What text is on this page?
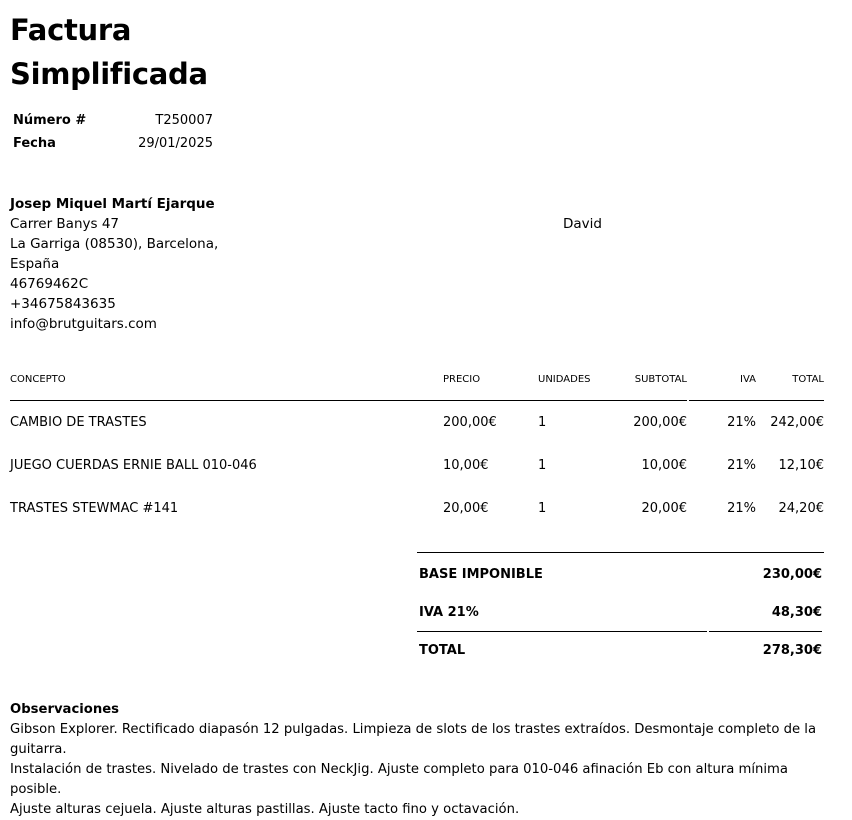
Factura
Simplificada
Número #	T250007
Fecha	29/01/2025
Josep Miquel Martí Ejarque
Carrer Banys 47
La Garriga (08530), Barcelona,
España
46769462C
+34675843635
info@brutguitars.com
David
CONCEPTO	PRECIO	UNIDADES	SUBTOTAL	IVA	TOTAL
CAMBIO DE TRASTES	200,00€	1	200,00€	21% 242,00€
JUEGO CUERDAS ERNIE BALL 010-046	10,00€	1	10,00€	21% 12,10€
TRASTES STEWMAC #141	20,00€	1	20,00€	21% 24,20€
BASE IMPONIBLE	230,00€
IVA 21%	48,30€
TOTAL	278,30€
Observaciones
Gibson Explorer. Rectificado diapasón 12 pulgadas. Limpieza de slots de los trastes extraídos. Desmontaje completo de la guitarra.
Instalación de trastes. Nivelado de trastes con NeckJig. Ajuste completo para 010-046 afinación Eb con altura mínima posible.
Ajuste alturas cejuela. Ajuste alturas pastillas. Ajuste tacto fino y octavación.
